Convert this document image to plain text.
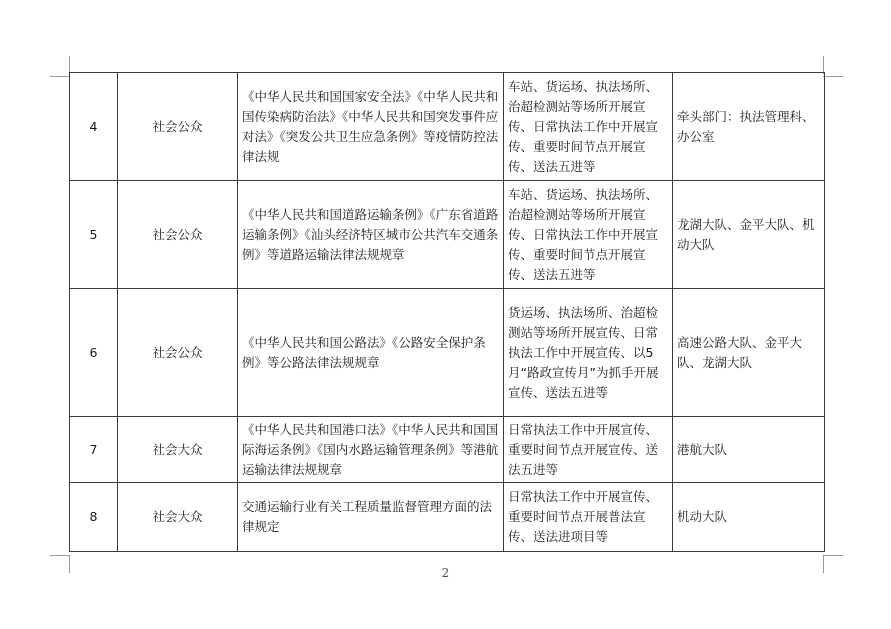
4	社会公众	《中华人民共和国国家安全法》《中华人民共和国传染病防治法》《中华人民共和国突发事件应对法》《突发公共卫生应急条例》等疫情防控法律法规	车站、货运场、执法场所、治超检测站等场所开展宣传、日常执法工作中开展宣传、重要时间节点开展宣传、送法五进等	牵头部门：执法管理科、办公室
5	社会公众	《中华人民共和国道路运输条例》《广东省道路运输条例》《汕头经济特区城市公共汽车交通条例》等道路运输法律法规规章	车站、货运场、执法场所、治超检测站等场所开展宣传、日常执法工作中开展宣传、重要时间节点开展宣传、送法五进等	龙湖大队、金平大队、机动大队
6	社会公众	《中华人民共和国公路法》《公路安全保护条例》等公路法律法规规章	货运场、执法场所、治超检测站等场所开展宣传、日常执法工作中开展宣传、以5月“路政宣传月”为抓手开展宣传、送法五进等	高速公路大队、金平大队、龙湖大队
7	社会大众	《中华人民共和国港口法》《中华人民共和国国际海运条例》《国内水路运输管理条例》等港航运输法律法规规章	日常执法工作中开展宣传、重要时间节点开展宣传、送法五进等	港航大队
8	社会大众	交通运输行业有关工程质量监督管理方面的法律规定	日常执法工作中开展宣传、重要时间节点开展普法宣传、送法进项目等	机动大队
2
